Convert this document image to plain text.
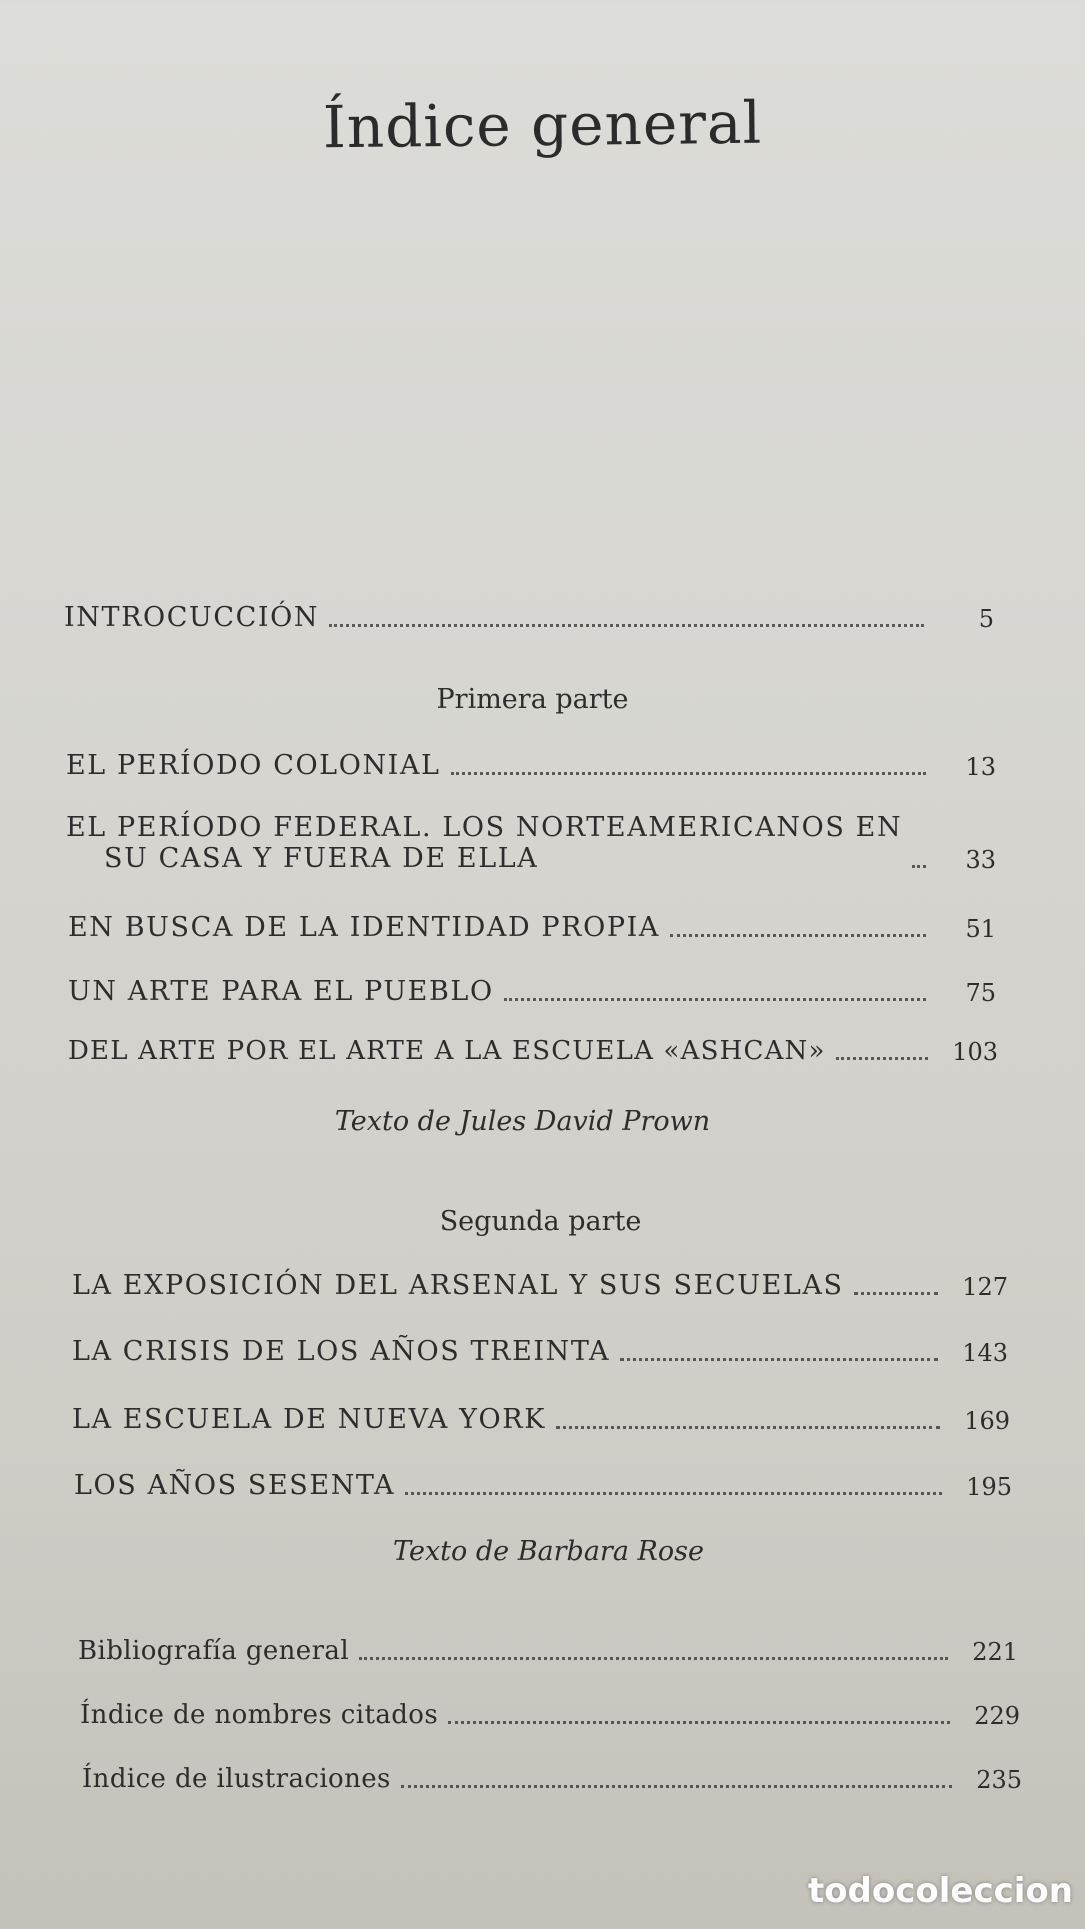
Índice general
INTROCUCCIÓN	5
Primera parte
EL PERÍODO COLONIAL	13
EL PERÍODO FEDERAL. LOS NORTEAMERICANOS EN
SU CASA Y FUERA DE ELLA	33
EN BUSCA DE LA IDENTIDAD PROPIA	51
UN ARTE PARA EL PUEBLO	75
DEL ARTE POR EL ARTE A LA ESCUELA «ASHCAN»	103
Texto de Jules David Prown
Segunda parte
LA EXPOSICIÓN DEL ARSENAL Y SUS SECUELAS	127
LA CRISIS DE LOS AÑOS TREINTA	143
LA ESCUELA DE NUEVA YORK	169
LOS AÑOS SESENTA	195
Texto de Barbara Rose
Bibliografía general	221
Índice de nombres citados	229
Índice de ilustraciones	235
todocoleccion
